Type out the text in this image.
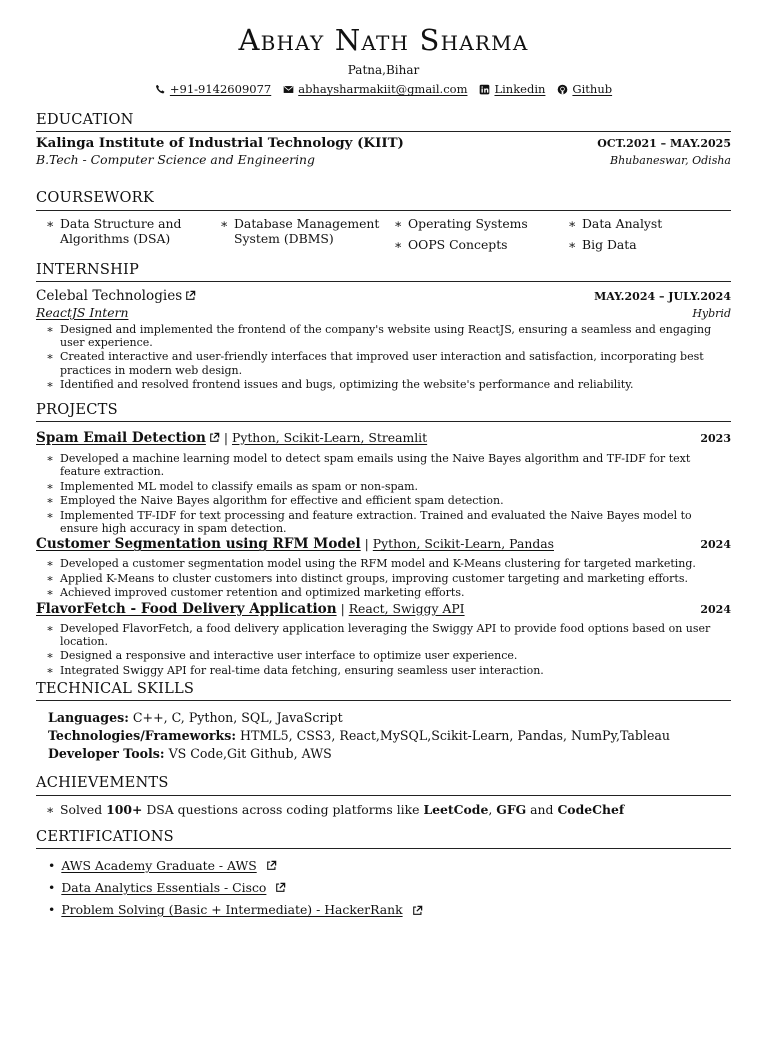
Abhay Nath Sharma
Patna,Bihar
+91-9142609077 abhaysharmakiit@gmail.com Linkedin Github
EDUCATION
Kalinga Institute of Industrial Technology (KIIT)	OCT.2021 – MAY.2025
B.Tech - Computer Science and Engineering	Bhubaneswar, Odisha
COURSEWORK
∗ Data Structure and Algorithms (DSA)
∗ Database Management System (DBMS)
∗ Operating Systems
∗ OOPS Concepts
∗ Data Analyst
∗ Big Data
INTERNSHIP
Celebal Technologies	MAY.2024 – JULY.2024
ReactJS Intern	Hybrid
∗ Designed and implemented the frontend of the company's website using ReactJS, ensuring a seamless and engaging user experience.
∗ Created interactive and user-friendly interfaces that improved user interaction and satisfaction, incorporating best practices in modern web design.
∗ Identified and resolved frontend issues and bugs, optimizing the website's performance and reliability.
PROJECTS
Spam Email Detection | Python, Scikit-Learn, Streamlit	2023
∗ Developed a machine learning model to detect spam emails using the Naive Bayes algorithm and TF-IDF for text feature extraction.
∗ Implemented ML model to classify emails as spam or non-spam.
∗ Employed the Naive Bayes algorithm for effective and efficient spam detection.
∗ Implemented TF-IDF for text processing and feature extraction. Trained and evaluated the Naive Bayes model to ensure high accuracy in spam detection.
Customer Segmentation using RFM Model | Python, Scikit-Learn, Pandas	2024
∗ Developed a customer segmentation model using the RFM model and K-Means clustering for targeted marketing.
∗ Applied K-Means to cluster customers into distinct groups, improving customer targeting and marketing efforts.
∗ Achieved improved customer retention and optimized marketing efforts.
FlavorFetch - Food Delivery Application | React, Swiggy API	2024
∗ Developed FlavorFetch, a food delivery application leveraging the Swiggy API to provide food options based on user location.
∗ Designed a responsive and interactive user interface to optimize user experience.
∗ Integrated Swiggy API for real-time data fetching, ensuring seamless user interaction.
TECHNICAL SKILLS
Languages: C++, C, Python, SQL, JavaScript
Technologies/Frameworks: HTML5, CSS3, React,MySQL,Scikit-Learn, Pandas, NumPy,Tableau
Developer Tools: VS Code,Git Github, AWS
ACHIEVEMENTS
∗ Solved 100+ DSA questions across coding platforms like LeetCode, GFG and CodeChef
CERTIFICATIONS
• AWS Academy Graduate - AWS
• Data Analytics Essentials - Cisco
• Problem Solving (Basic + Intermediate) - HackerRank
